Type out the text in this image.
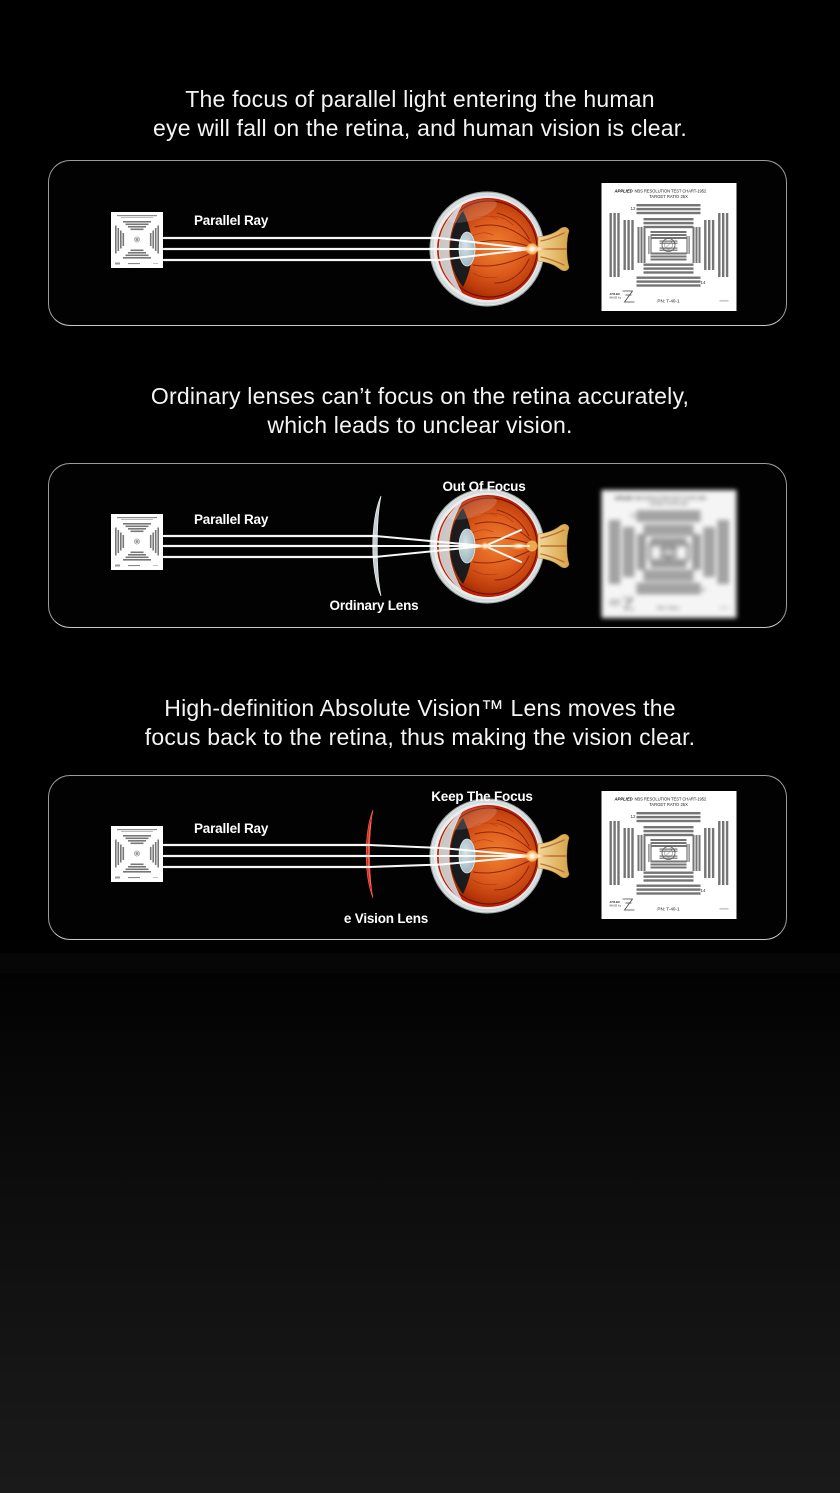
The focus of parallel light entering the human
eye will fall on the retina, and human vision is clear.
Parallel Ray
Ordinary lenses can’t focus on the retina accurately,
which leads to unclear vision.
Out Of Focus
Parallel Ray
Ordinary Lens
High-definition Absolute Vision™ Lens moves the
focus back to the retina, thus making the vision clear.
Keep The Focus
Parallel Ray
e Vision Lens
